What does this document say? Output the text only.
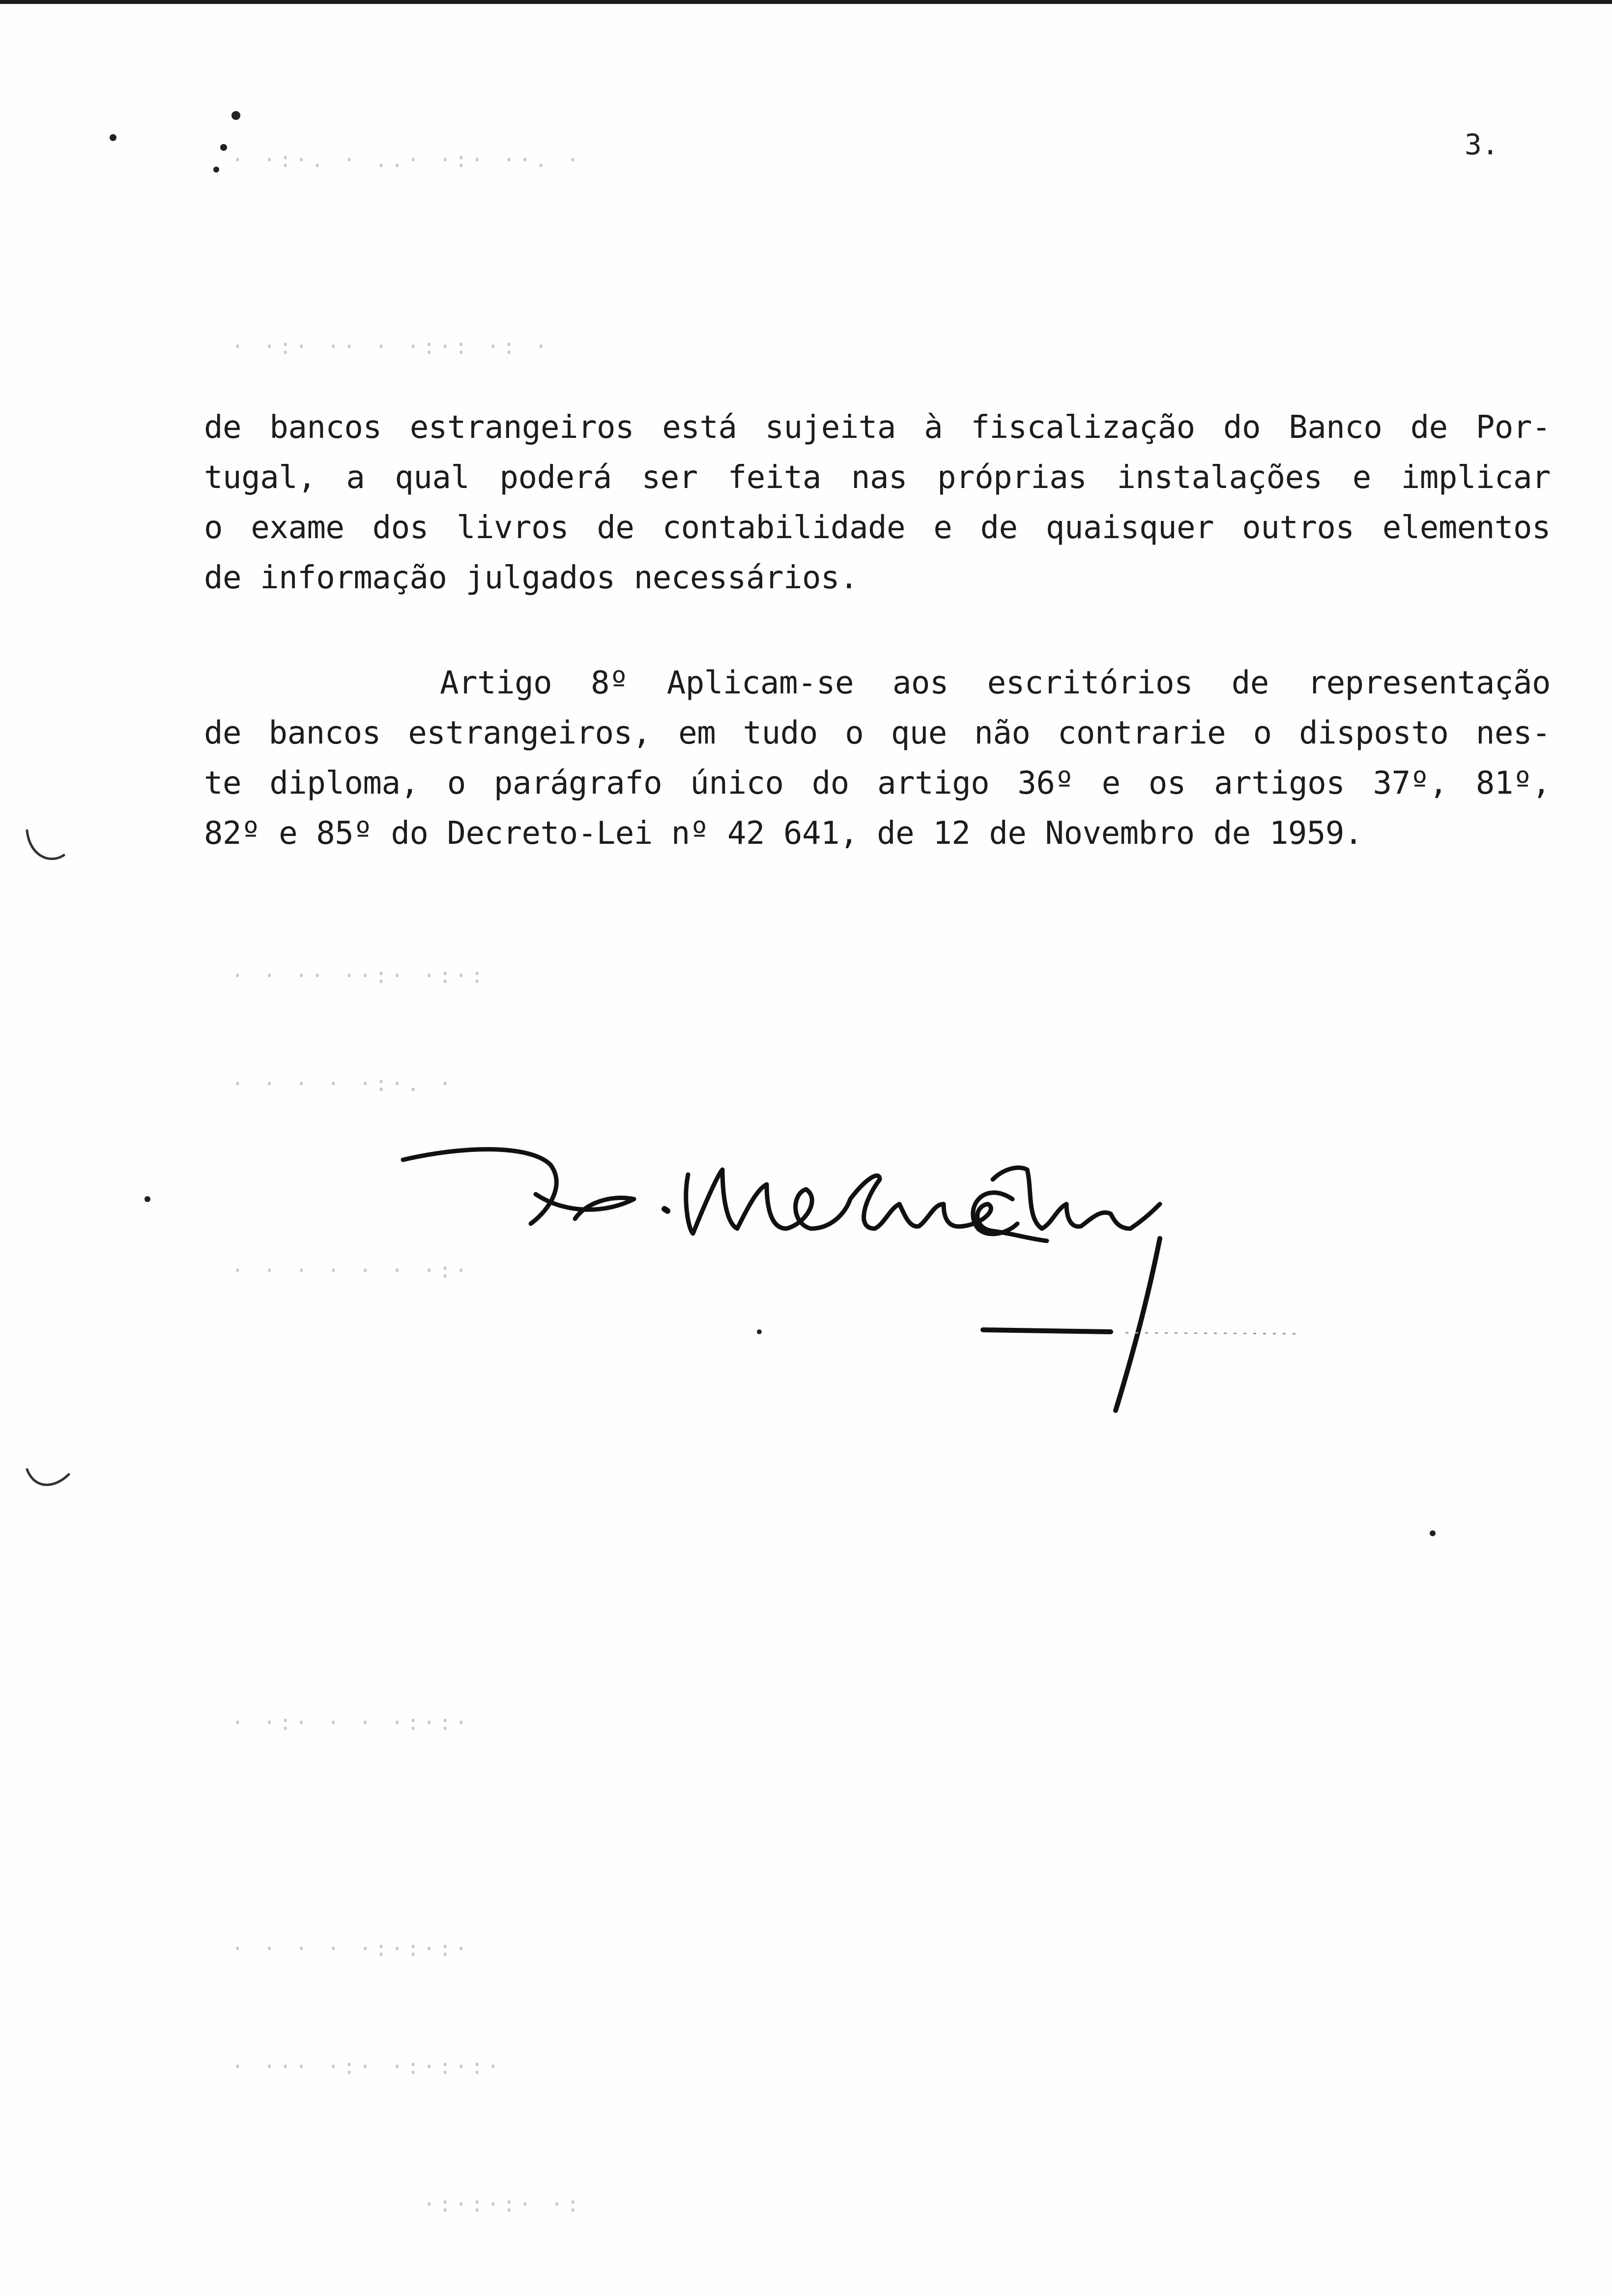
3.
· ·:·. · ..· ·:· ··. ·
· ·:· ·· · ·:·: ·: ·
· · ·· ··:· ·:·:
· · · · ·:·. ·
· · · · · · ·:·
· ·:· · · ·:·:·
· · · · ·:·:·:·
· ··· ·:· ·:·:·:·
·:·:·:· ·:
de bancos estrangeiros está sujeita à fiscalização do Banco de Por-
tugal, a qual poderá ser feita nas próprias instalações e implicar
o exame dos livros de contabilidade e de quaisquer outros elementos
de informação julgados necessários.
Artigo 8º Aplicam-se aos escritórios de representação
de bancos estrangeiros, em tudo o que não contrarie o disposto nes-
te diploma, o parágrafo único do artigo 36º e os artigos 37º, 81º,
82º e 85º do Decreto-Lei nº 42 641, de 12 de Novembro de 1959.
